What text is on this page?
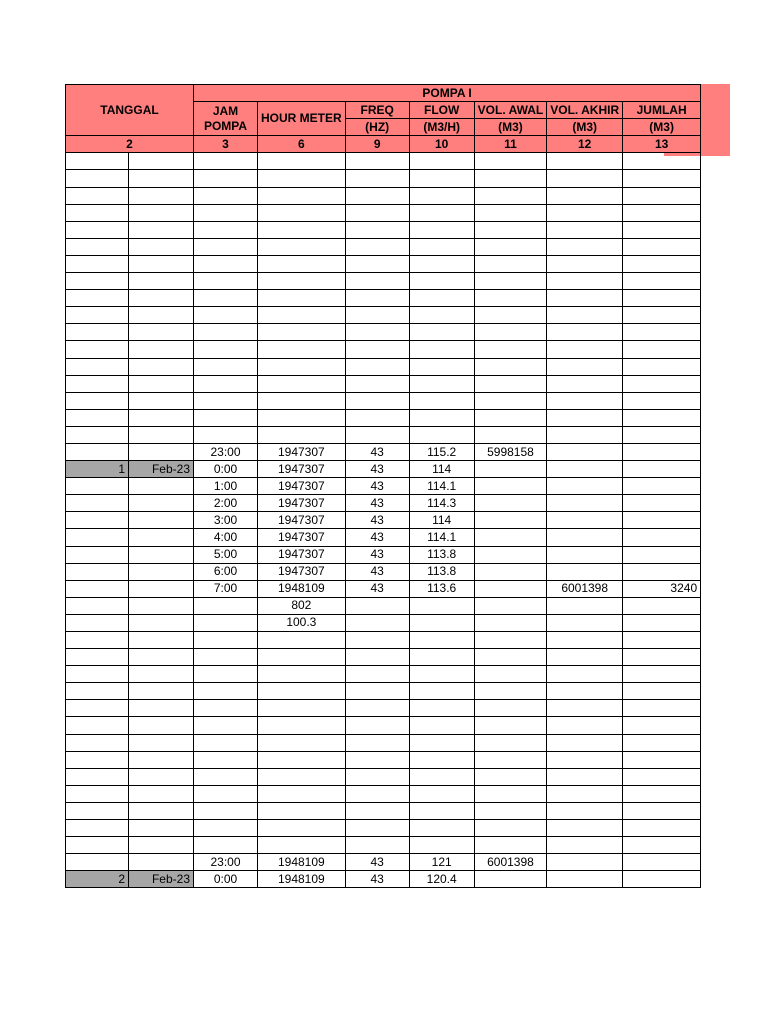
TANGGAL		POMPA I						
		JAM
POMPA	HOUR METER	FREQ	FLOW	VOL. AWAL	VOL. AKHIR	JUMLAH
				(HZ)	(M3/H)	(M3)	(M3)	(M3)
2		3	6	9	10	11	12	13

		23:00	1947307	43	115.2	5998158		
1	Feb-23	0:00	1947307	43	114			
		1:00	1947307	43	114.1			
		2:00	1947307	43	114.3			
		3:00	1947307	43	114			
		4:00	1947307	43	114.1			
		5:00	1947307	43	113.8			
		6:00	1947307	43	113.8			
		7:00	1948109	43	113.6		6001398	3240
			802					
			100.3					

		23:00	1948109	43	121	6001398		
2	Feb-23	0:00	1948109	43	120.4			
